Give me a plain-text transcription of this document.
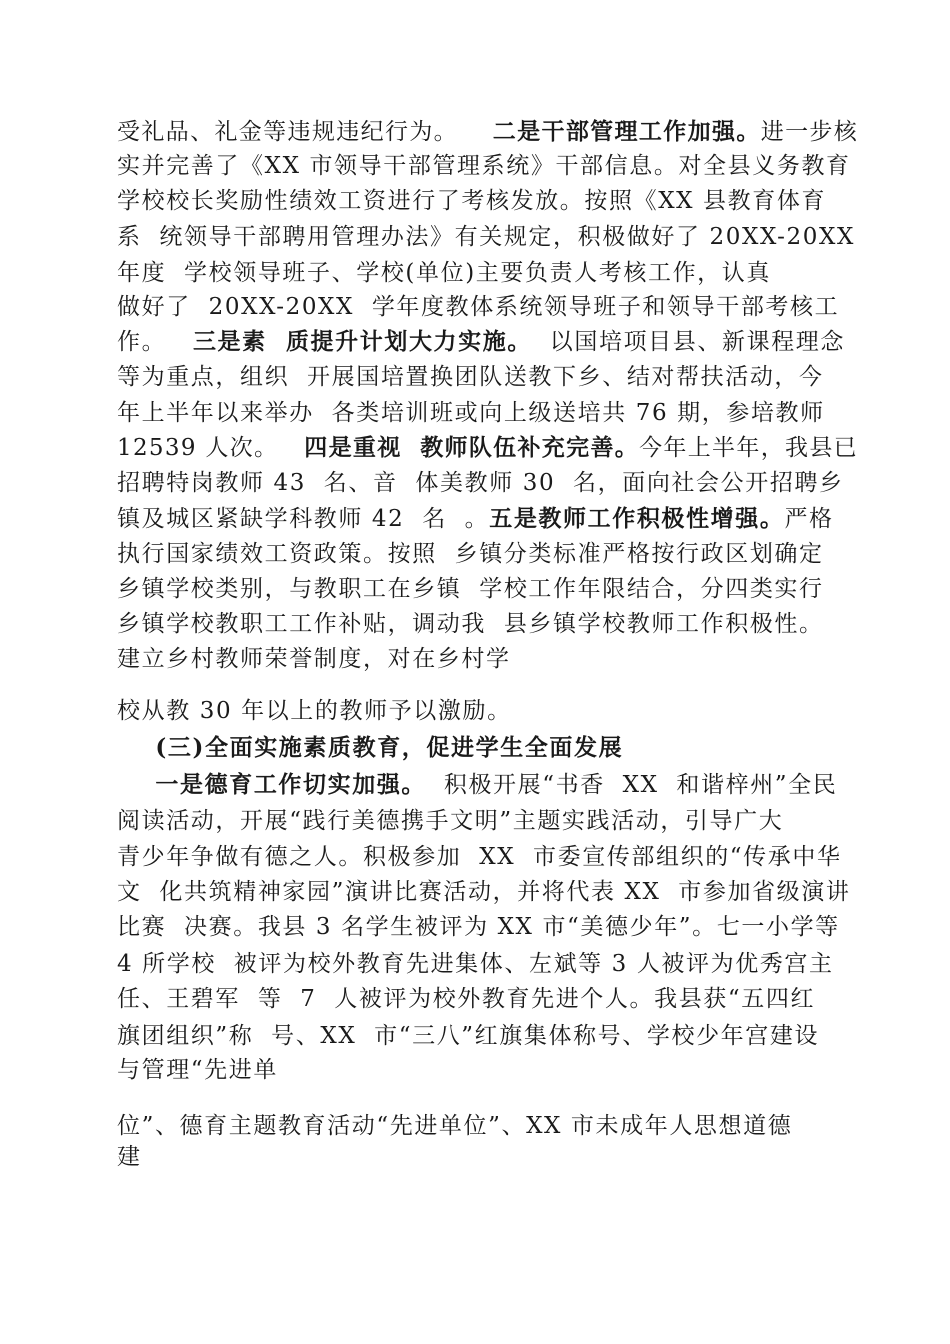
受礼品、礼金等违规违纪行为。    二是干部管理工作加强。进一步核
实并完善了《XX 市领导干部管理系统》干部信息。对全县义务教育
学校校长奖励性绩效工资进行了考核发放。按照《XX 县教育体育
系  统领导干部聘用管理办法》有关规定，积极做好了 20XX-20XX
年度  学校领导班子、学校(单位)主要负责人考核工作，认真
做好了  20XX-20XX  学年度教体系统领导班子和领导干部考核工
作。   三是素  质提升计划大力实施。  以国培项目县、新课程理念
等为重点，组织  开展国培置换团队送教下乡、结对帮扶活动，今
年上半年以来举办  各类培训班或向上级送培共 76 期，参培教师
12539 人次。   四是重视  教师队伍补充完善。今年上半年，我县已
招聘特岗教师 43  名、音  体美教师 30  名，面向社会公开招聘乡
镇及城区紧缺学科教师 42  名  。五是教师工作积极性增强。严格
执行国家绩效工资政策。按照  乡镇分类标准严格按行政区划确定
乡镇学校类别，与教职工在乡镇  学校工作年限结合，分四类实行
乡镇学校教职工工作补贴，调动我  县乡镇学校教师工作积极性。
建立乡村教师荣誉制度，对在乡村学
校从教 30 年以上的教师予以激励。
(三)全面实施素质教育，促进学生全面发展
一是德育工作切实加强。  积极开展“书香  XX  和谐梓州”全民
阅读活动，开展“践行美德携手文明”主题实践活动，引导广大
青少年争做有德之人。积极参加  XX  市委宣传部组织的“传承中华
文  化共筑精神家园”演讲比赛活动，并将代表 XX  市参加省级演讲
比赛  决赛。我县 3 名学生被评为 XX 市“美德少年”。七一小学等
4 所学校  被评为校外教育先进集体、左斌等 3 人被评为优秀宫主
任、王碧军  等  7  人被评为校外教育先进个人。我县获“五四红
旗团组织”称  号、XX  市“三八”红旗集体称号、学校少年宫建设
与管理“先进单
位”、德育主题教育活动“先进单位”、XX 市未成年人思想道德
建
